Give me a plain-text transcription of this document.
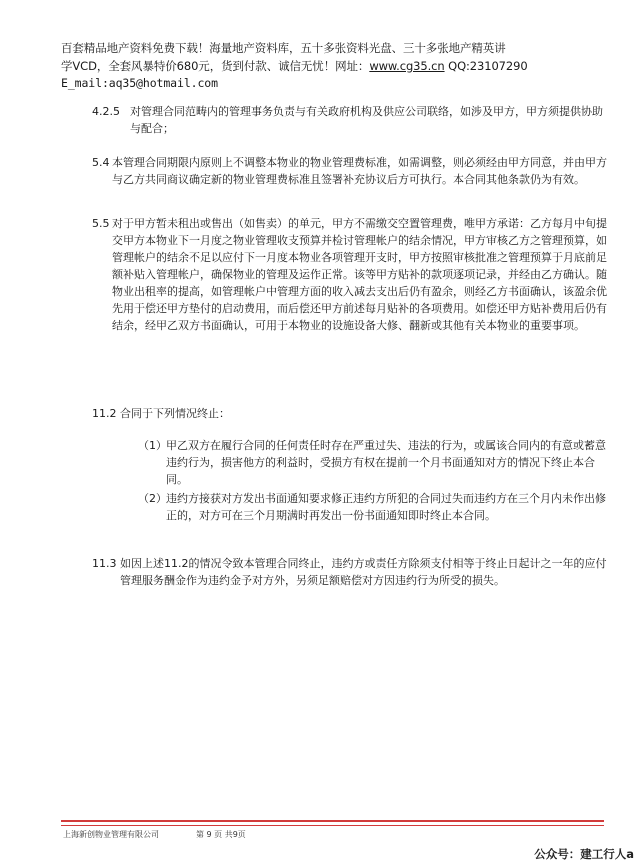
百套精品地产资料免费下载！海量地产资料库，五十多张资料光盘、三十多张地产精英讲
学VCD，全套风暴特价680元，货到付款、诚信无忧！网址：www.cg35.cn QQ:23107290
E_mail:aq35@hotmail.com
4.2.5 对管理合同范畴内的管理事务负责与有关政府机构及供应公司联络，如涉及甲方，甲方须提供协助与配合；
5.4 本管理合同期限内原则上不调整本物业的物业管理费标准，如需调整，则必须经由甲方同意，并由甲方与乙方共同商议确定新的物业管理费标准且签署补充协议后方可执行。本合同其他条款仍为有效。
5.5 对于甲方暂未租出或售出（如售卖）的单元，甲方不需缴交空置管理费，唯甲方承诺：乙方每月中旬提交甲方本物业下一月度之物业管理收支预算并检讨管理帐户的结余情况，甲方审核乙方之管理预算，如管理帐户的结余不足以应付下一月度本物业各项管理开支时，甲方按照审核批准之管理预算于月底前足额补贴入管理帐户，确保物业的管理及运作正常。该等甲方贴补的款项逐项记录，并经由乙方确认。随物业出租率的提高，如管理帐户中管理方面的收入减去支出后仍有盈余，则经乙方书面确认，该盈余优先用于偿还甲方垫付的启动费用，而后偿还甲方前述每月贴补的各项费用。如偿还甲方贴补费用后仍有结余，经甲乙双方书面确认，可用于本物业的设施设备大修、翻新或其他有关本物业的重要事项。
11.2 合同于下列情况终止：
（1） 甲乙双方在履行合同的任何责任时存在严重过失、违法的行为，或属该合同内的有意或蓄意违约行为，损害他方的利益时，受损方有权在提前一个月书面通知对方的情况下终止本合同。
（2） 违约方接获对方发出书面通知要求修正违约方所犯的合同过失而违约方在三个月内未作出修正的，对方可在三个月期满时再发出一份书面通知即时终止本合同。
11.3 如因上述11.2的情况令致本管理合同终止，违约方或责任方除须支付相等于终止日起计之一年的应付管理服务酬金作为违约金予对方外，另须足额赔偿对方因违约行为所受的损失。
上海新创物业管理有限公司	第 9 页 共9页
公众号：建工行人a
